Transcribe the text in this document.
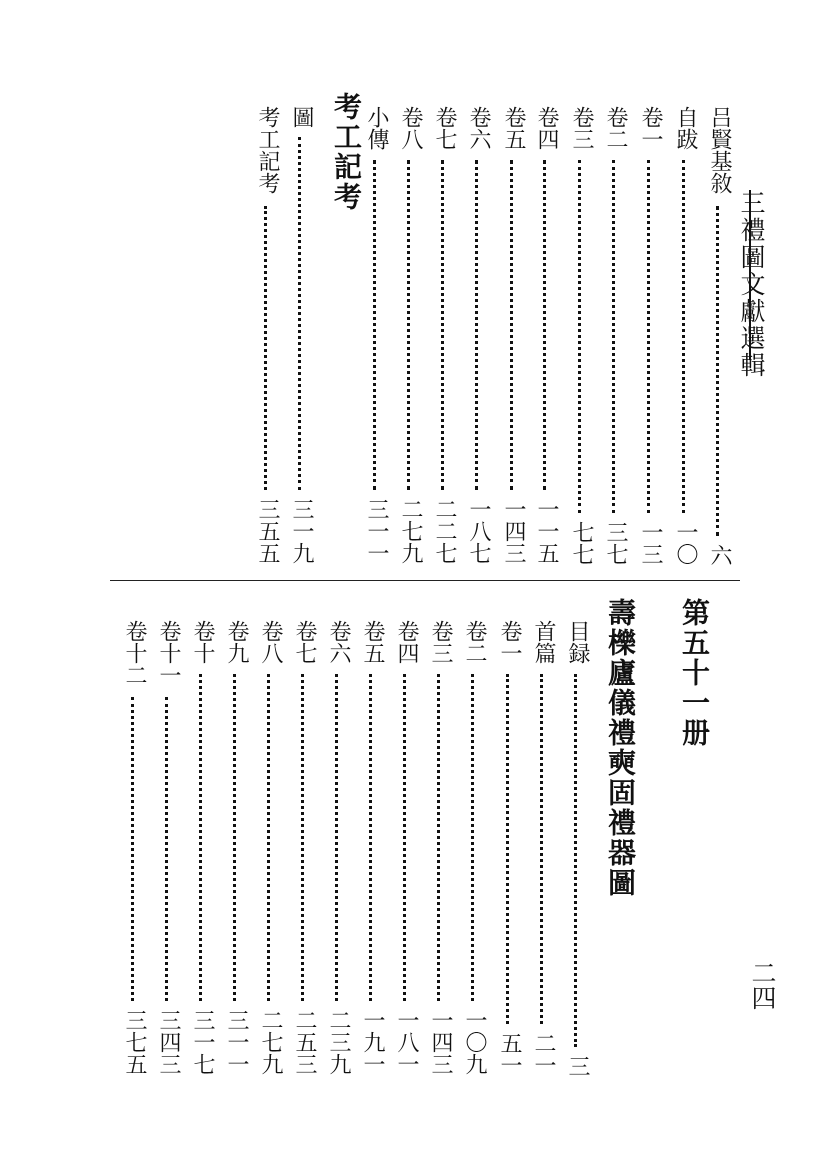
三禮圖文獻選輯
吕賢基敘
六
自跋
一〇
卷一
一三
卷二
三七
卷三
七七
卷四
一一五
卷五
一四三
卷六
一八七
卷七
二二七
卷八
二七九
小傳
三一一
考工記考
圖
三一九
考工記考
三五五
第五十一册
壽櫟廬儀禮奭固禮器圖
目録
三
首篇
二一
卷一
五一
卷二
一〇九
卷三
一四三
卷四
一八一
卷五
一九一
卷六
二三九
卷七
二五三
卷八
二七九
卷九
三一一
卷十
三一七
卷十一
三四三
卷十二
三七五
二四
